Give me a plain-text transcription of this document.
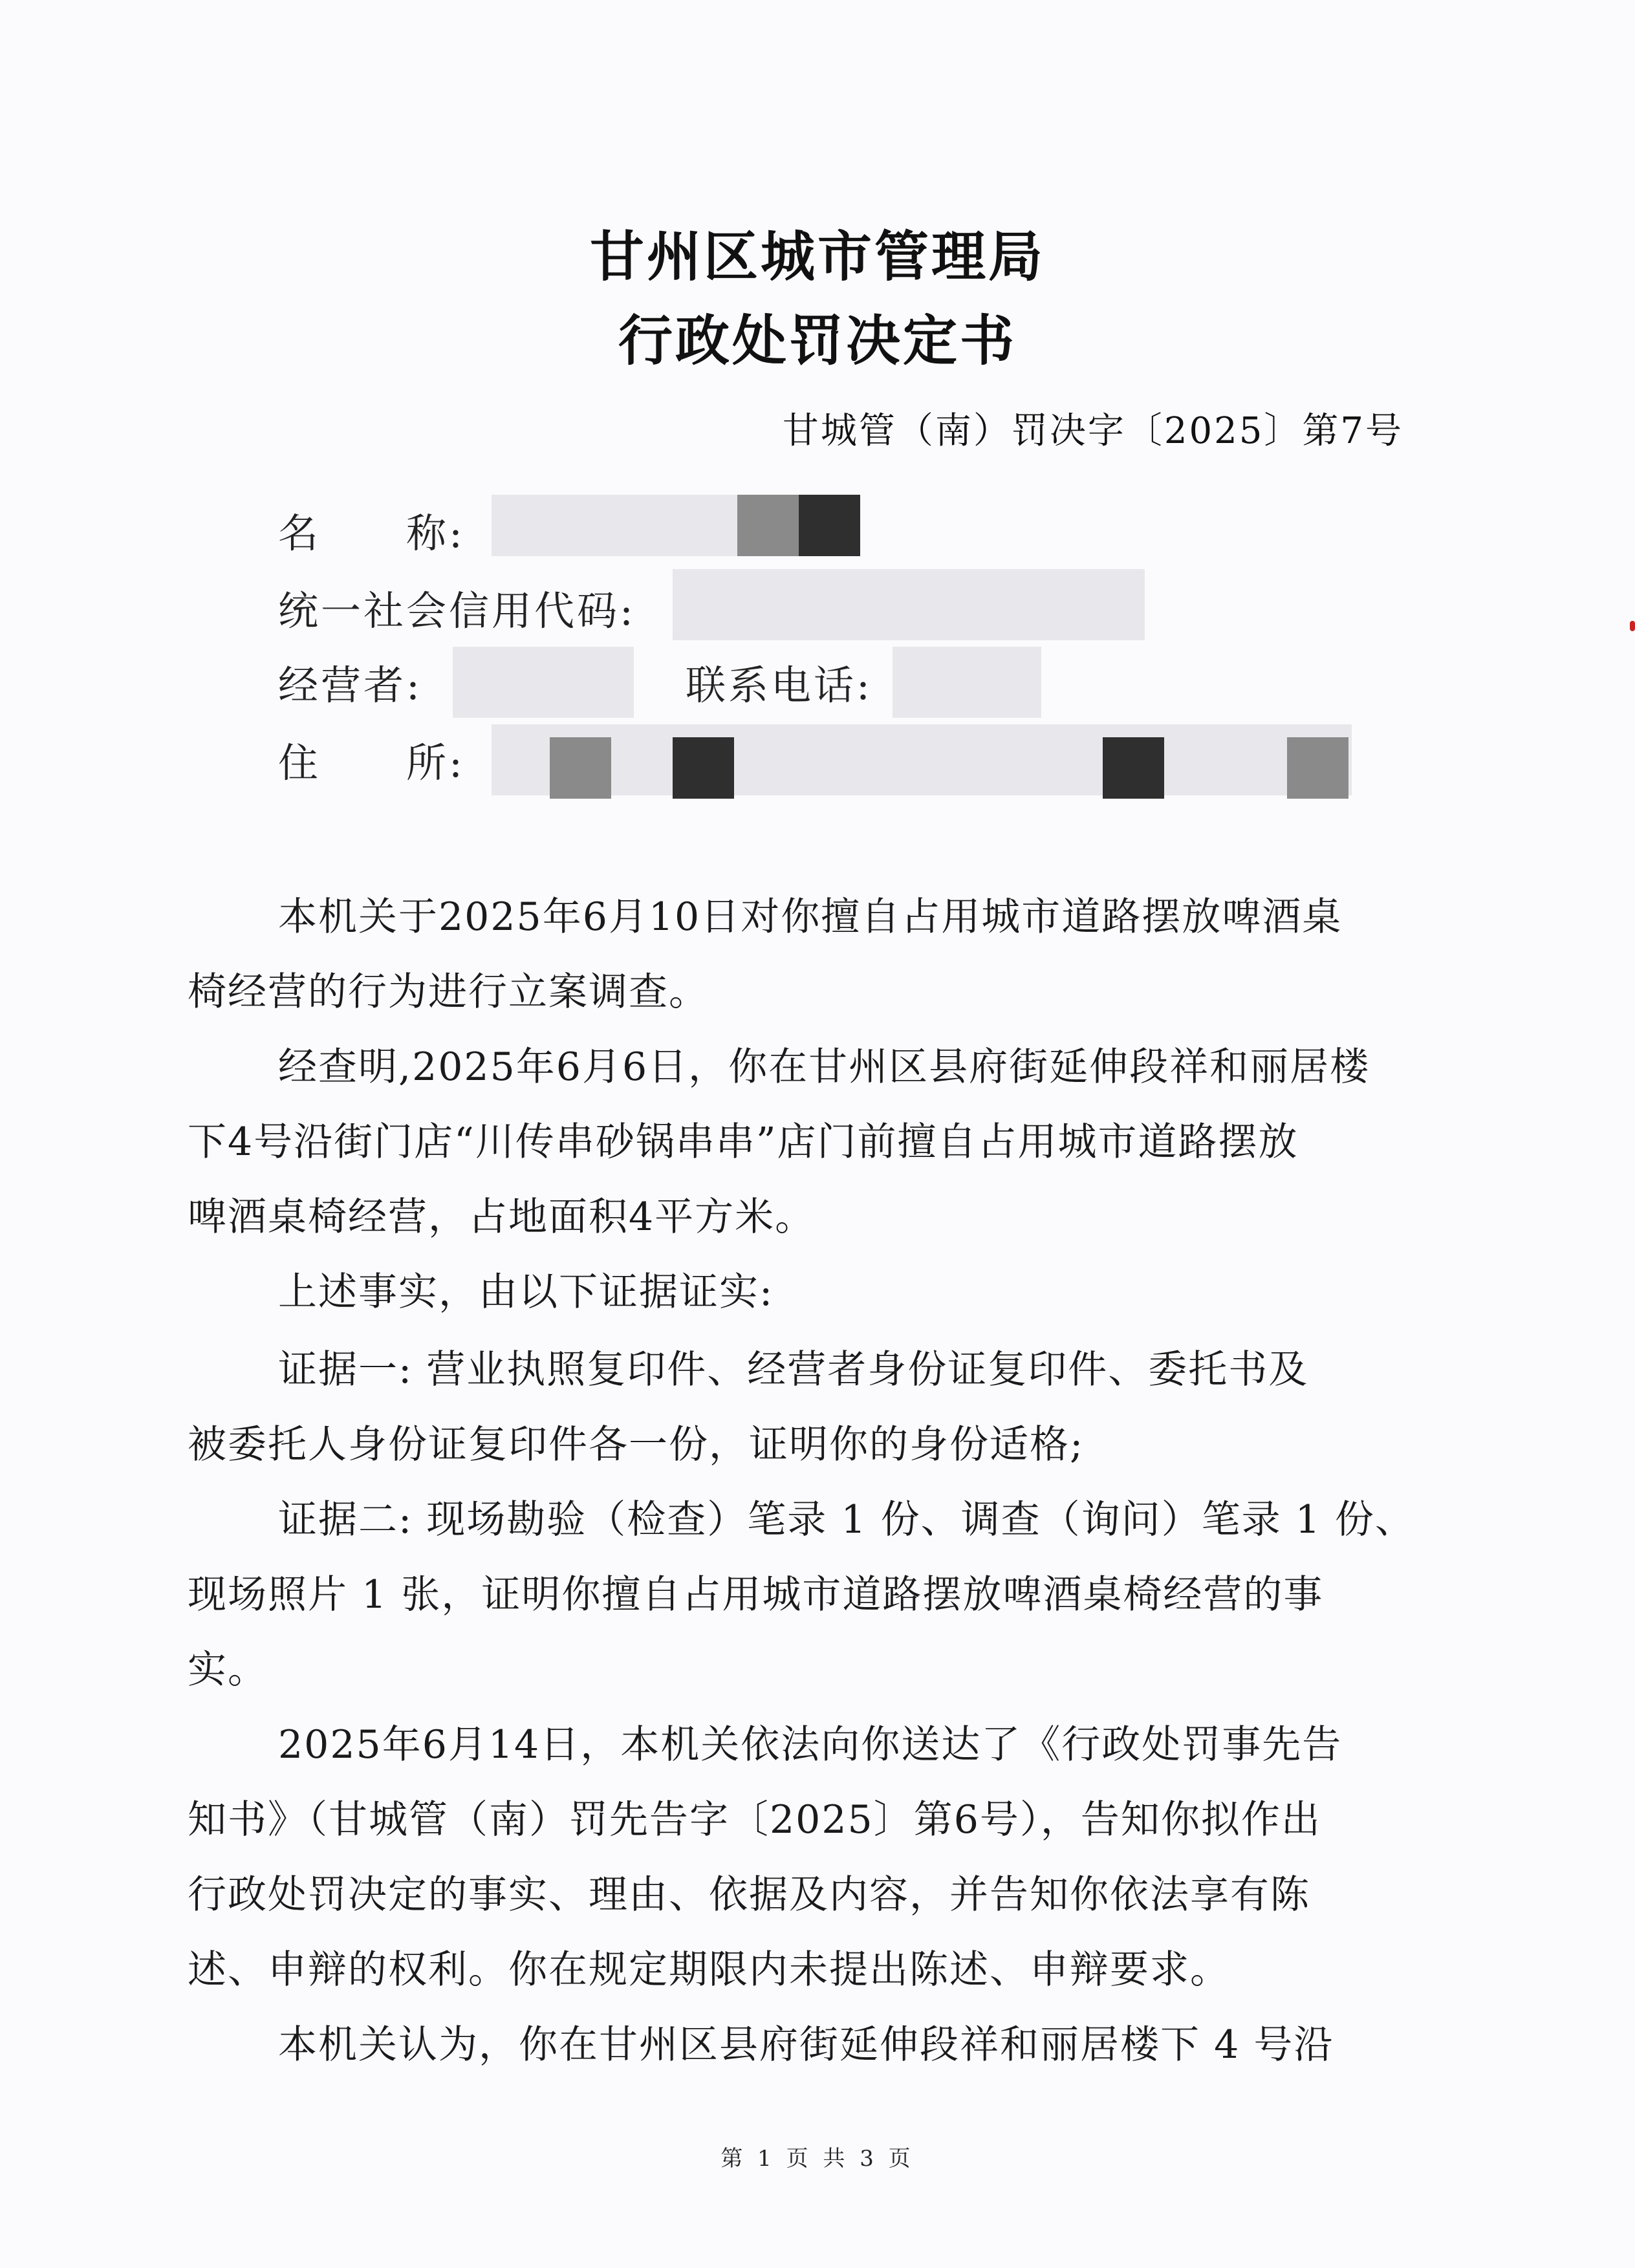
甘州区城市管理局
行政处罚决定书
甘城管（南）罚决字〔2025〕第7号
名　　称:
统一社会信用代码:
经营者:	联系电话:
住　　所:
本机关于2025年6月10日对你擅自占用城市道路摆放啤酒桌
椅经营的行为进行立案调查。
经查明,2025年6月6日，你在甘州区县府街延伸段祥和丽居楼
下4号沿街门店“川传串砂锅串串”店门前擅自占用城市道路摆放
啤酒桌椅经营，占地面积4平方米。
上述事实，由以下证据证实:
证据一: 营业执照复印件、经营者身份证复印件、委托书及
被委托人身份证复印件各一份，证明你的身份适格;
证据二: 现场勘验（检查）笔录 1 份、调查（询问）笔录 1 份、
现场照片 1 张，证明你擅自占用城市道路摆放啤酒桌椅经营的事
实。
2025年6月14日，本机关依法向你送达了《行政处罚事先告
知书》（甘城管（南）罚先告字〔2025〕第6号），告知你拟作出
行政处罚决定的事实、理由、依据及内容，并告知你依法享有陈
述、申辩的权利。你在规定期限内未提出陈述、申辩要求。
本机关认为，你在甘州区县府街延伸段祥和丽居楼下 4 号沿
第 1 页 共 3 页
